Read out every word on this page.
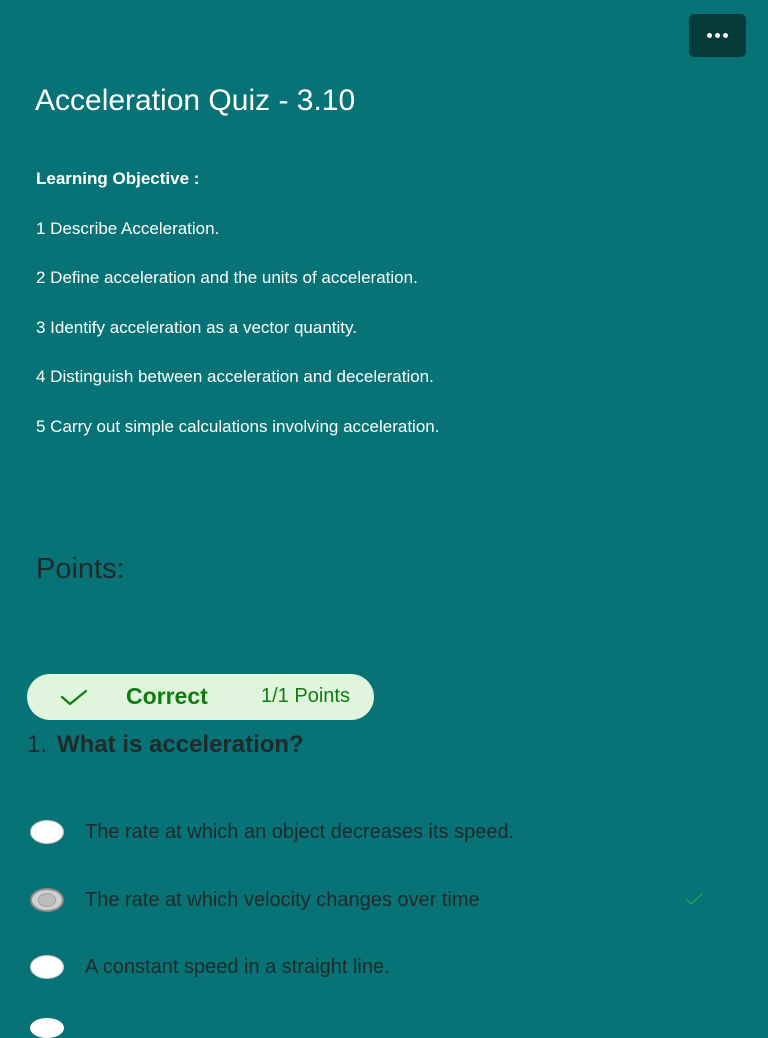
Acceleration Quiz - 3.10
Learning Objective :
1 Describe Acceleration.
2 Define acceleration and the units of acceleration.
3 Identify acceleration as a vector quantity.
4 Distinguish between acceleration and deceleration.
5 Carry out simple calculations involving acceleration.
Points:
Correct	1/1 Points
1. What is acceleration?
The rate at which an object decreases its speed.
The rate at which velocity changes over time
A constant speed in a straight line.
